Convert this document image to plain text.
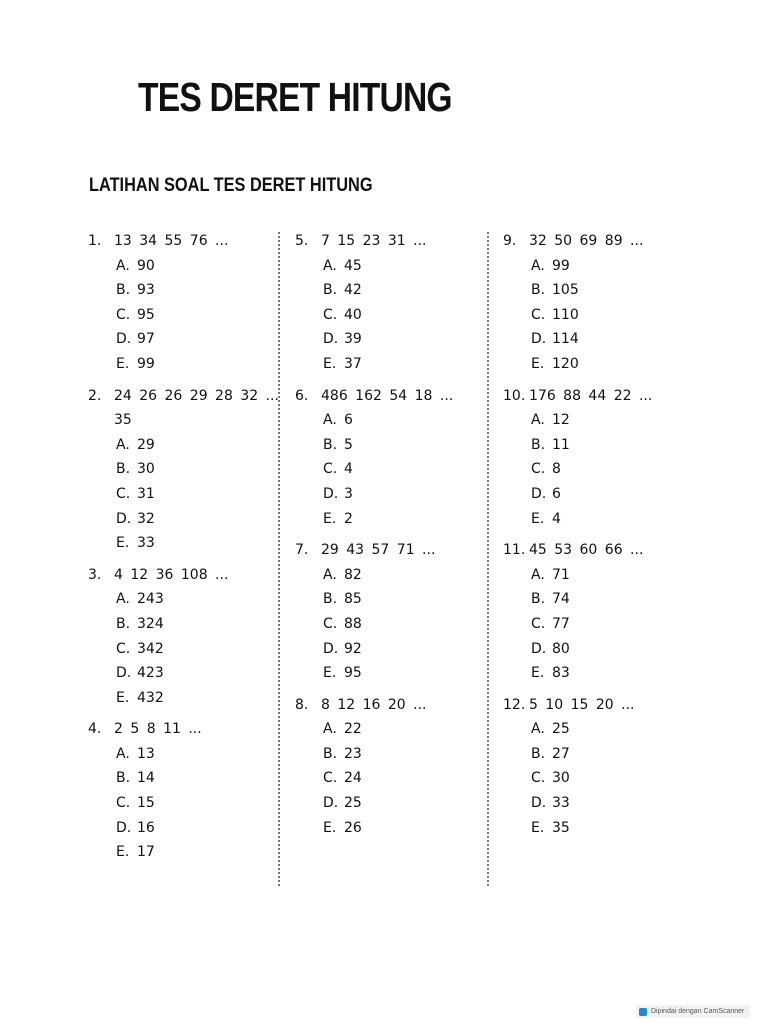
TES DERET HITUNG
LATIHAN SOAL TES DERET HITUNG
1. 13 34 55 76 ...
A. 90
B. 93
C. 95
D. 97
E. 99
2. 24 26 26 29 28 32 ...
35
A. 29
B. 30
C. 31
D. 32
E. 33
3. 4 12 36 108 ...
A. 243
B. 324
C. 342
D. 423
E. 432
4. 2 5 8 11 ...
A. 13
B. 14
C. 15
D. 16
E. 17
5. 7 15 23 31 ...
A. 45
B. 42
C. 40
D. 39
E. 37
6. 486 162 54 18 ...
A. 6
B. 5
C. 4
D. 3
E. 2
7. 29 43 57 71 ...
A. 82
B. 85
C. 88
D. 92
E. 95
8. 8 12 16 20 ...
A. 22
B. 23
C. 24
D. 25
E. 26
9. 32 50 69 89 ...
A. 99
B. 105
C. 110
D. 114
E. 120
10. 176 88 44 22 ...
A. 12
B. 11
C. 8
D. 6
E. 4
11. 45 53 60 66 ...
A. 71
B. 74
C. 77
D. 80
E. 83
12. 5 10 15 20 ...
A. 25
B. 27
C. 30
D. 33
E. 35
Dipindai dengan CamScanner
